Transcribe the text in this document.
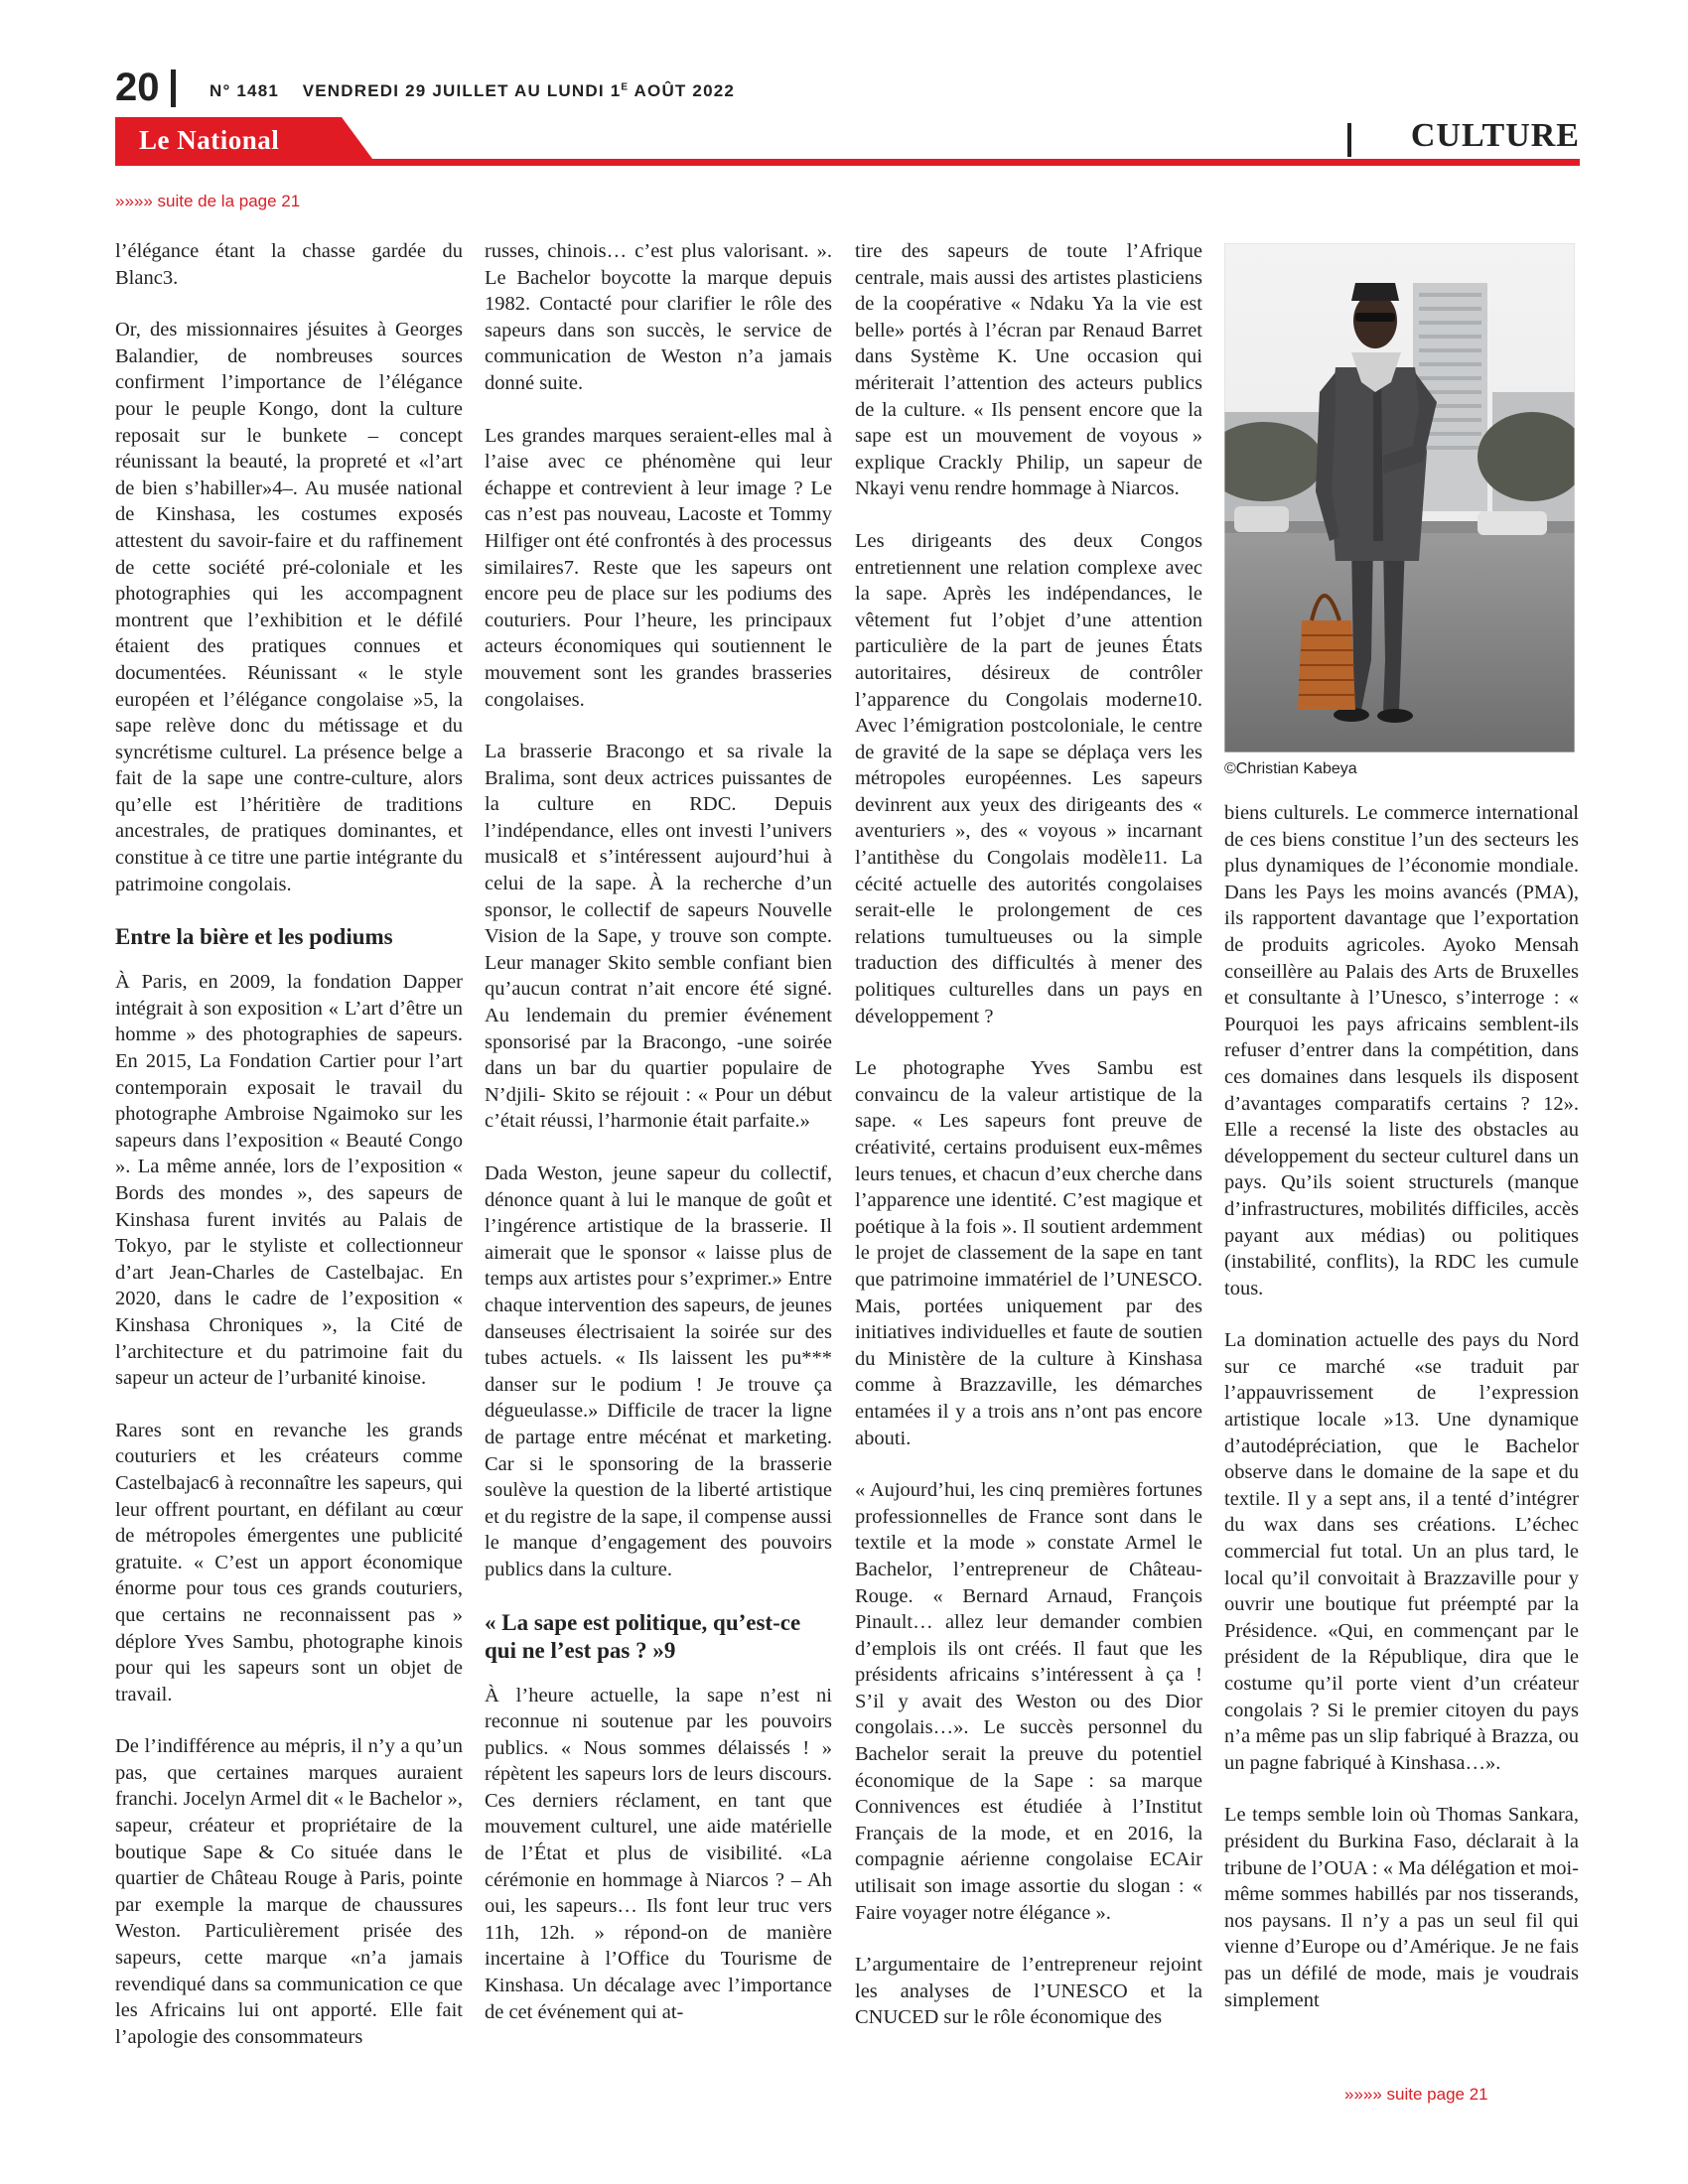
20	N° 1481 VENDREDI 29 JUILLET AU LUNDI $1^E$ AOÛT 2022
Le National	CULTURE
»»»» suite de la page 21

l’élégance étant la chasse gardée du Blanc3.

Or, des missionnaires jésuites à Georges Balandier, de nombreuses sources confirment l’importance de l’élégance pour le peuple Kongo, dont la culture reposait sur le bunkete – concept réunissant la beauté, la propreté et «l’art de bien s’habiller»4–. Au musée national de Kinshasa, les costumes exposés attestent du savoir-faire et du raffinement de cette société pré-coloniale et les photographies qui les accompagnent montrent que l’exhibition et le défilé étaient des pratiques connues et documentées. Réunissant « le style européen et l’élégance congolaise »5, la sape relève donc du métissage et du syncrétisme culturel. La présence belge a fait de la sape une contre-culture, alors qu’elle est l’héritière de traditions ancestrales, de pratiques dominantes, et constitue à ce titre une partie intégrante du patrimoine congolais.

Entre la bière et les podiums

À Paris, en 2009, la fondation Dapper intégrait à son exposition « L’art d’être un homme » des photographies de sapeurs. En 2015, La Fondation Cartier pour l’art contemporain exposait le travail du photographe Ambroise Ngaimoko sur les sapeurs dans l’exposition « Beauté Congo ». La même année, lors de l’exposition « Bords des mondes », des sapeurs de Kinshasa furent invités au Palais de Tokyo, par le styliste et collectionneur d’art Jean-Charles de Castelbajac. En 2020, dans le cadre de l’exposition « Kinshasa Chroniques », la Cité de l’architecture et du patrimoine fait du sapeur un acteur de l’urbanité kinoise.

Rares sont en revanche les grands couturiers et les créateurs comme Castelbajac6 à reconnaître les sapeurs, qui leur offrent pourtant, en défilant au cœur de métropoles émergentes une publicité gratuite. « C’est un apport économique énorme pour tous ces grands couturiers, que certains ne reconnaissent pas » déplore Yves Sambu, photographe kinois pour qui les sapeurs sont un objet de travail.

De l’indifférence au mépris, il n’y a qu’un pas, que certaines marques auraient franchi. Jocelyn Armel dit « le Bachelor », sapeur, créateur et propriétaire de la boutique Sape & Co située dans le quartier de Château Rouge à Paris, pointe par exemple la marque de chaussures Weston. Particulièrement prisée des sapeurs, cette marque «n’a jamais revendiqué dans sa communication ce que les Africains lui ont apporté. Elle fait l’apologie des consommateurs

russes, chinois… c’est plus valorisant. ». Le Bachelor boycotte la marque depuis 1982. Contacté pour clarifier le rôle des sapeurs dans son succès, le service de communication de Weston n’a jamais donné suite.

Les grandes marques seraient-elles mal à l’aise avec ce phénomène qui leur échappe et contrevient à leur image ? Le cas n’est pas nouveau, Lacoste et Tommy Hilfiger ont été confrontés à des processus similaires7. Reste que les sapeurs ont encore peu de place sur les podiums des couturiers. Pour l’heure, les principaux acteurs économiques qui soutiennent le mouvement sont les grandes brasseries congolaises.

La brasserie Bracongo et sa rivale la Bralima, sont deux actrices puissantes de la culture en RDC. Depuis l’indépendance, elles ont investi l’univers musical8 et s’intéressent aujourd’hui à celui de la sape. À la recherche d’un sponsor, le collectif de sapeurs Nouvelle Vision de la Sape, y trouve son compte. Leur manager Skito semble confiant bien qu’aucun contrat n’ait encore été signé. Au lendemain du premier événement sponsorisé par la Bracongo, -une soirée dans un bar du quartier populaire de N’djili- Skito se réjouit : « Pour un début c’était réussi, l’harmonie était parfaite.»

Dada Weston, jeune sapeur du collectif, dénonce quant à lui le manque de goût et l’ingérence artistique de la brasserie. Il aimerait que le sponsor « laisse plus de temps aux artistes pour s’exprimer.» Entre chaque intervention des sapeurs, de jeunes danseuses électrisaient la soirée sur des tubes actuels. « Ils laissent les pu*** danser sur le podium ! Je trouve ça dégueulasse.» Difficile de tracer la ligne de partage entre mécénat et marketing. Car si le sponsoring de la brasserie soulève la question de la liberté artistique et du registre de la sape, il compense aussi le manque d’engagement des pouvoirs publics dans la culture.

« La sape est politique, qu’est-ce qui ne l’est pas ? »9

À l’heure actuelle, la sape n’est ni reconnue ni soutenue par les pouvoirs publics. « Nous sommes délaissés ! » répètent les sapeurs lors de leurs discours. Ces derniers réclament, en tant que mouvement culturel, une aide matérielle de l’État et plus de visibilité. «La cérémonie en hommage à Niarcos ? – Ah oui, les sapeurs… Ils font leur truc vers 11h, 12h. » répond-on de manière incertaine à l’Office du Tourisme de Kinshasa. Un décalage avec l’importance de cet événement qui at-

tire des sapeurs de toute l’Afrique centrale, mais aussi des artistes plasticiens de la coopérative « Ndaku Ya la vie est belle» portés à l’écran par Renaud Barret dans Système K. Une occasion qui mériterait l’attention des acteurs publics de la culture. « Ils pensent encore que la sape est un mouvement de voyous » explique Crackly Philip, un sapeur de Nkayi venu rendre hommage à Niarcos.

Les dirigeants des deux Congos entretiennent une relation complexe avec la sape. Après les indépendances, le vêtement fut l’objet d’une attention particulière de la part de jeunes États autoritaires, désireux de contrôler l’apparence du Congolais moderne10. Avec l’émigration postcoloniale, le centre de gravité de la sape se déplaça vers les métropoles européennes. Les sapeurs devinrent aux yeux des dirigeants des « aventuriers », des « voyous » incarnant l’antithèse du Congolais modèle11. La cécité actuelle des autorités congolaises serait-elle le prolongement de ces relations tumultueuses ou la simple traduction des difficultés à mener des politiques culturelles dans un pays en développement ?

Le photographe Yves Sambu est convaincu de la valeur artistique de la sape. « Les sapeurs font preuve de créativité, certains produisent eux-mêmes leurs tenues, et chacun d’eux cherche dans l’apparence une identité. C’est magique et poétique à la fois ». Il soutient ardemment le projet de classement de la sape en tant que patrimoine immatériel de l’UNESCO. Mais, portées uniquement par des initiatives individuelles et faute de soutien du Ministère de la culture à Kinshasa comme à Brazzaville, les démarches entamées il y a trois ans n’ont pas encore abouti.

« Aujourd’hui, les cinq premières fortunes professionnelles de France sont dans le textile et la mode » constate Armel le Bachelor, l’entrepreneur de Château-Rouge. « Bernard Arnaud, François Pinault… allez leur demander combien d’emplois ils ont créés. Il faut que les présidents africains s’intéressent à ça ! S’il y avait des Weston ou des Dior congolais…». Le succès personnel du Bachelor serait la preuve du potentiel économique de la Sape : sa marque Connivences est étudiée à l’Institut Français de la mode, et en 2016, la compagnie aérienne congolaise ECAir utilisait son image assortie du slogan : « Faire voyager notre élégance ».

L’argumentaire de l’entrepreneur rejoint les analyses de l’UNESCO et la CNUCED sur le rôle économique des

©Christian Kabeya

biens culturels. Le commerce international de ces biens constitue l’un des secteurs les plus dynamiques de l’économie mondiale. Dans les Pays les moins avancés (PMA), ils rapportent davantage que l’exportation de produits agricoles. Ayoko Mensah conseillère au Palais des Arts de Bruxelles et consultante à l’Unesco, s’interroge : « Pourquoi les pays africains semblent-ils refuser d’entrer dans la compétition, dans ces domaines dans lesquels ils disposent d’avantages comparatifs certains ? 12». Elle a recensé la liste des obstacles au développement du secteur culturel dans un pays. Qu’ils soient structurels (manque d’infrastructures, mobilités difficiles, accès payant aux médias) ou politiques (instabilité, conflits), la RDC les cumule tous.

La domination actuelle des pays du Nord sur ce marché «se traduit par l’appauvrissement de l’expression artistique locale »13. Une dynamique d’autodépréciation, que le Bachelor observe dans le domaine de la sape et du textile. Il y a sept ans, il a tenté d’intégrer du wax dans ses créations. L’échec commercial fut total. Un an plus tard, le local qu’il convoitait à Brazzaville pour y ouvrir une boutique fut préempté par la Présidence. «Qui, en commençant par le président de la République, dira que le costume qu’il porte vient d’un créateur congolais ? Si le premier citoyen du pays n’a même pas un slip fabriqué à Brazza, ou un pagne fabriqué à Kinshasa…».

Le temps semble loin où Thomas Sankara, président du Burkina Faso, déclarait à la tribune de l’OUA : « Ma délégation et moi-même sommes habillés par nos tisserands, nos paysans. Il n’y a pas un seul fil qui vienne d’Europe ou d’Amérique. Je ne fais pas un défilé de mode, mais je voudrais simplement

»»»» suite page 21
